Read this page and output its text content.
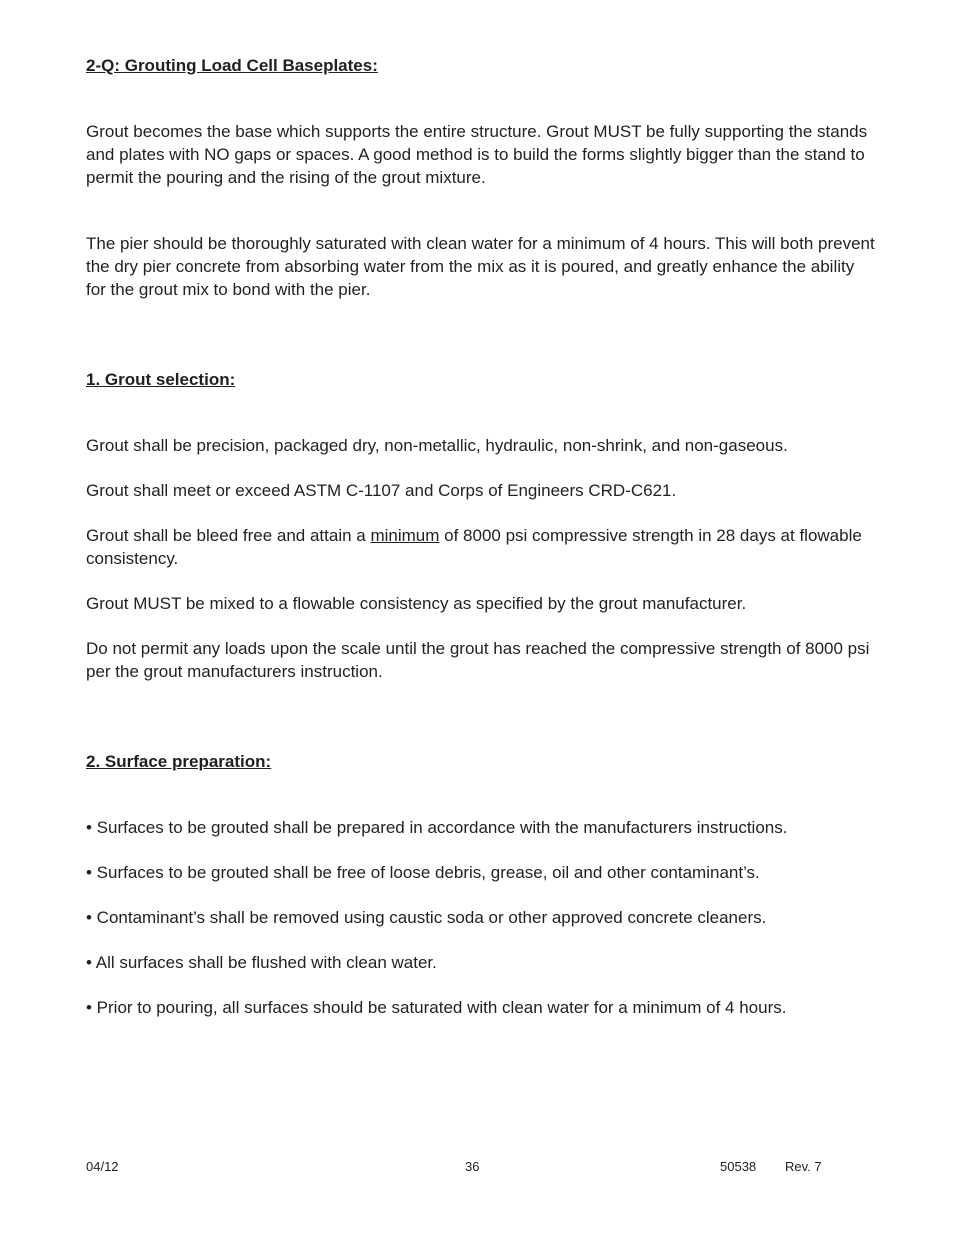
2-Q: Grouting Load Cell Baseplates:

Grout becomes the base which supports the entire structure. Grout MUST be fully supporting the stands and plates with NO gaps or spaces. A good method is to build the forms slightly bigger than the stand to permit the pouring and the rising of the grout mixture.

The pier should be thoroughly saturated with clean water for a minimum of 4 hours. This will both prevent the dry pier concrete from absorbing water from the mix as it is poured, and greatly enhance the ability for the grout mix to bond with the pier.

1. Grout selection:

Grout shall be precision, packaged dry, non-metallic, hydraulic, non-shrink, and non-gaseous.

Grout shall meet or exceed ASTM C-1107 and Corps of Engineers CRD-C621.

Grout shall be bleed free and attain a minimum of 8000 psi compressive strength in 28 days at flowable consistency.

Grout MUST be mixed to a flowable consistency as specified by the grout manufacturer.

Do not permit any loads upon the scale until the grout has reached the compressive strength of 8000 psi per the grout manufacturers instruction.

2. Surface preparation:

• Surfaces to be grouted shall be prepared in accordance with the manufacturers instructions.

• Surfaces to be grouted shall be free of loose debris, grease, oil and other contaminant’s.

• Contaminant’s shall be removed using caustic soda or other approved concrete cleaners.

• All surfaces shall be flushed with clean water.

• Prior to pouring, all surfaces should be saturated with clean water for a minimum of 4 hours.

04/12	36	50538 Rev. 7
